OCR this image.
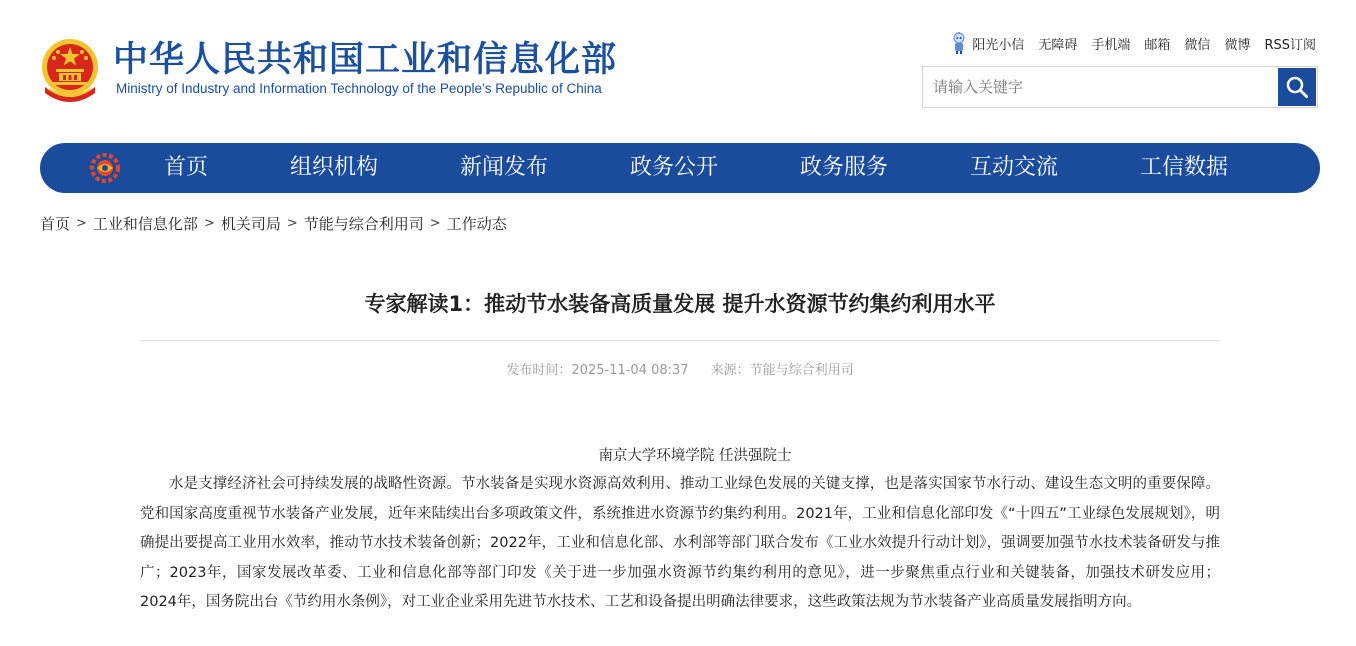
中华人民共和国工业和信息化部
Ministry of Industry and Information Technology of the People’s Republic of China
阳光小信 无障碍 手机端 邮箱 微信 微博 RSS订阅
请输入关键字
首页	组织机构	新闻发布	政务公开	政务服务	互动交流	工信数据
首页 > 工业和信息化部 > 机关司局 > 节能与综合利用司 > 工作动态
专家解读1：推动节水装备高质量发展 提升水资源节约集约利用水平
发布时间：2025-11-04 08:37 来源：节能与综合利用司
南京大学环境学院 任洪强院士

水是支撑经济社会可持续发展的战略性资源。节水装备是实现水资源高效利用、推动工业绿色发展的关键支撑，也是落实国家节水行动、建设生态文明的重要保障。党和国家高度重视节水装备产业发展，近年来陆续出台多项政策文件，系统推进水资源节约集约利用。2021年，工业和信息化部印发《“十四五”工业绿色发展规划》，明确提出要提高工业用水效率，推动节水技术装备创新；2022年，工业和信息化部、水利部等部门联合发布《工业水效提升行动计划》，强调要加强节水技术装备研发与推广；2023年，国家发展改革委、工业和信息化部等部门印发《关于进一步加强水资源节约集约利用的意见》，进一步聚焦重点行业和关键装备，加强技术研发应用；2024年，国务院出台《节约用水条例》，对工业企业采用先进节水技术、工艺和设备提出明确法律要求，这些政策法规为节水装备产业高质量发展指明方向。
